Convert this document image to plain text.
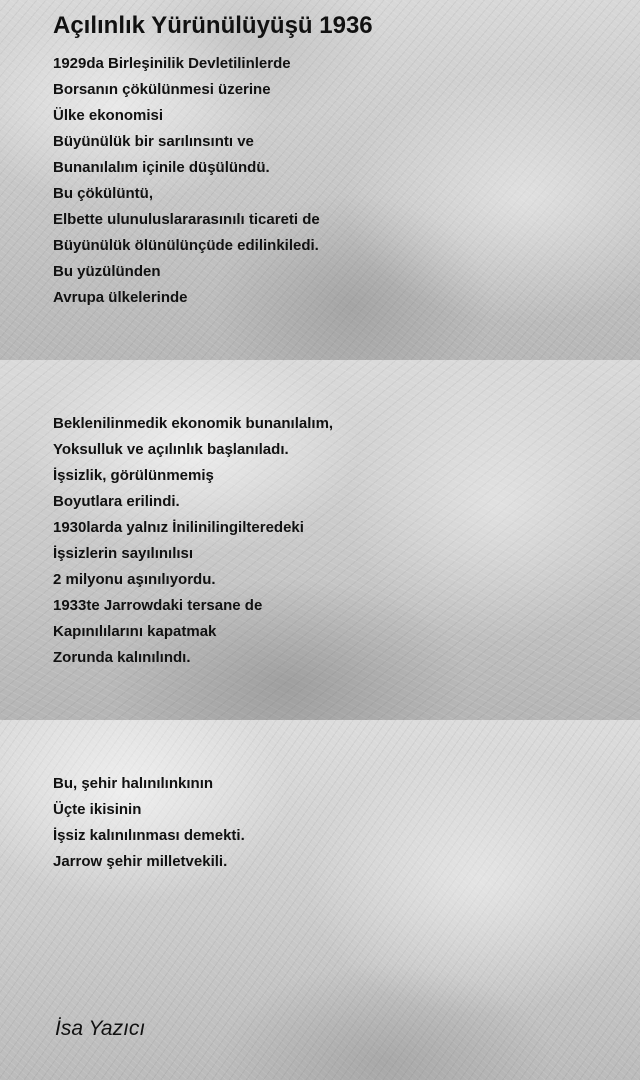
Açılınlık Yürünülüyüşü 1936
1929da Birleşinilik Devletilinlerde
Borsanın çökülünmesi üzerine
Ülke ekonomisi
Büyünülük bir sarılınsıntı ve
Bunanılalım içinile düşülündü.
Bu çökülüntü,
Elbette ulunuluslararasınılı ticareti de
Büyünülük ölünülünçüde edilinkiledi.
Bu yüzülünden
Avrupa ülkelerinde
Beklenilinmedik ekonomik bunanılalım,
Yoksulluk ve açılınlık başlanıladı.
İşsizlik, görülünmemiş
Boyutlara erilindi.
1930larda yalnız İnilinilingilteredeki
İşsizlerin sayılınılısı
2 milyonu aşınılıyordu.
1933te Jarrowdaki tersane de
Kapınılılarını kapatmak
Zorunda kalınılındı.
Bu, şehir halınılınkının
Üçte ikisinin
İşsiz kalınılınması demekti.
Jarrow şehir milletvekili.
İsa Yazıcı
